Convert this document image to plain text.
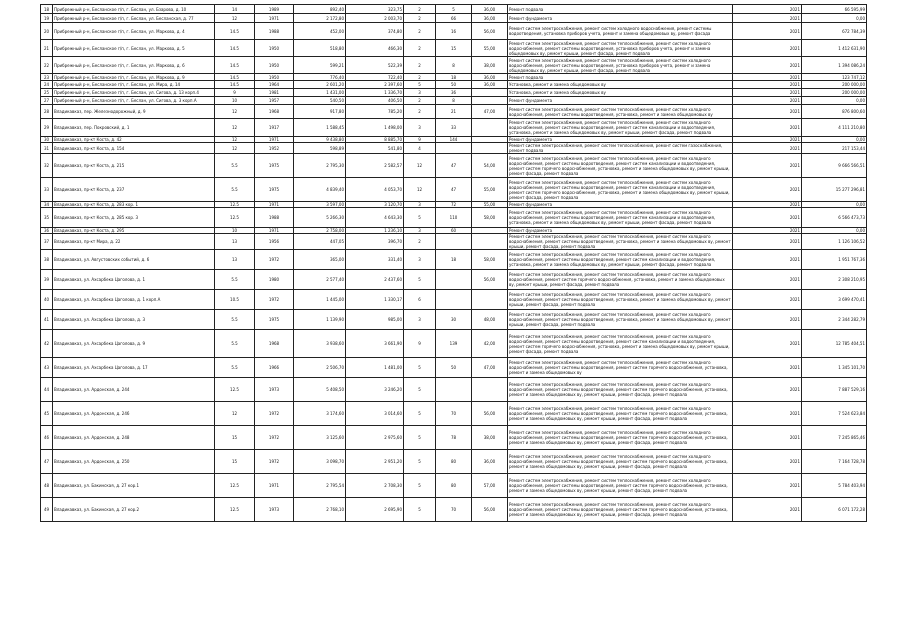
18	Прибрежный р-н, Бесланское г/п, г. Беслан, ул. Бзарова, д. 10	14	1989	892,40	323,75	2	5	36,00	Ремонт подвала	2021	66 595,99
19	Прибрежный р-н, Бесланское г/п, г. Беслан, ул. Бесланская, д. 77	12	1971	2 172,80	2 003,70	2	66	36,00	Ремонт фундамента	2021	0,00
20	Прибрежный р-н, Бесланское г/п, г. Беслан, ул. Маркова, д. 4	14.5	1988	452,00	374,80	2	16	56,00	Ремонт систем электроснабжения, ремонт систем холодного водоснабжения, ремонт системы водоотведения, установка приборов учета, ремонт и замена общедомовых ву, ремонт фасада	2021	672 784,39
21	Прибрежный р-н, Бесланское г/п, г. Беслан, ул. Маркова, д. 5	14.5	1950	518,80	466,30	2	15	55,00	Ремонт систем электроснабжения, ремонт систем теплоснабжения, ремонт систем холодного водоснабжения, ремонт системы водоотведения, установка приборов учета, ремонт и замена общедомовых ву, ремонт крыши, ремонт фасада, ремонт подвала	2021	1 412 631,90
22	Прибрежный р-н, Бесланское г/п, г. Беслан, ул. Маркова, д. 6	14.5	1950	599,21	522,39	2	8	38,00	Ремонт систем электроснабжения, ремонт систем теплоснабжения, ремонт систем холодного водоснабжения, ремонт системы водоотведения, установка приборов учета, ремонт и замена общедомовых ву, ремонт крыши, ремонт фасада, ремонт подвала	2021	1 394 086,24
23	Прибрежный р-н, Бесланское г/п, г. Беслан, ул. Маркова, д. 9	14.5	1950	776,40	722,40	2	18	36,00	Ремонт подвала	2021	123 747,12
24	Прибрежный р-н, Бесланское г/п, г. Беслан, ул. Мира, д. 14	14.5	1964	2 601,20	2 397,60	5	50	36,00	Установка, ремонт и замена общедомовых ву	2021	200 000,00
25	Прибрежный р-н, Бесланское г/п, г. Беслан, ул. Сигова, д. 13 корп.4	9	1981	1 431,00	1 336,70	3	36		Установка, ремонт и замена общедомовых ву	2021	200 000,00
27	Прибрежный р-н, Бесланское г/п, г. Беслан, ул. Сигова, д. 3 корп.А	10	1957	540,50	406,50	2	8		Ремонт фундамента	2021	0,00
28	Владикавказ, пер. Железнодорожный, д. 9	12	1968	917,80	785,20	2	21	47,00	Ремонт систем электроснабжения, ремонт систем теплоснабжения, ремонт систем холодного водоснабжения, ремонт системы водоотведения, установка, ремонт и замена общедомовых ву	2021	876 800,60
29	Владикавказ, пер. Покровский, д. 1	12	1917	1 588,45	1 498,00	3	33		Ремонт систем электроснабжения, ремонт систем теплоснабжения, ремонт систем холодного водоснабжения, ремонт системы водоотведения, ремонт систем канализации и водоотведения, установка, ремонт и замена общедомовых ву, ремонт крыши, ремонт фасада, ремонт подвала	2021	4 111 210,80
30	Владикавказ, пр-кт Коста, д. 42	12	1971	9 438,80	8 885,70	9	144		Ремонт фундамента	2021	0,00
31	Владикавказ, пр-кт Коста, д. 154	12	1952	598,89	541,80	4			Ремонт систем электроснабжения, ремонт систем теплоснабжения, ремонт систем газоснабжения, ремонт подвала	2021	217 153,44
32	Владикавказ, пр-кт Коста, д. 215	5.5	1975	2 795,30	2 582,57	12	47	54,00	Ремонт систем электроснабжения, ремонт систем теплоснабжения, ремонт систем холодного водоснабжения, ремонт системы водоотведения, ремонт систем канализации и водоотведения, ремонт систем горячего водоснабжения, установка, ремонт и замена общедомовых ву, ремонт крыши, ремонт фасада, ремонт подвала	2021	9 666 566,51
33	Владикавказ, пр-кт Коста, д. 237	5.5	1975	4 839,40	4 053,70	12	47	55,00	Ремонт систем электроснабжения, ремонт систем теплоснабжения, ремонт систем холодного водоснабжения, ремонт системы водоотведения, ремонт систем канализации и водоотведения, ремонт систем горячего водоснабжения, установка, ремонт и замена общедомовых ву, ремонт крыши, ремонт фасада, ремонт подвала	2021	15 277 296,81
34	Владикавказ, пр-кт Коста, д. 283 кор. 1	12.5	1971	3 597,00	3 120,70	3	72	55,00	Ремонт фундамента	2021	0,00
35	Владикавказ, пр-кт Коста, д. 285 кор. 3	12.5	1988	5 266,30	4 643,30	5	110	58,00	Ремонт систем электроснабжения, ремонт систем теплоснабжения, ремонт систем холодного водоснабжения, ремонт системы водоотведения, ремонт систем канализации и водоотведения, установка, ремонт и замена общедомовых ву, ремонт крыши, ремонт фасада, ремонт подвала	2021	6 566 473,73
36	Владикавказ, пр-кт Коста, д. 295	10	1971	2 758,00	1 236,10	3	60		Ремонт фундамента	2021	0,00
37	Владикавказ, пр-кт Мира, д. 22	13	1956	447,05	396,70	2			Ремонт систем электроснабжения, ремонт систем теплоснабжения, ремонт систем холодного водоснабжения, ремонт системы водоотведения, установка, ремонт и замена общедомовых ву, ремонт крыши, ремонт фасада, ремонт подвала	2021	1 126 106,52
38	Владикавказ, ул. Августовских событий, д. 6	13	1972	365,00	331,40	3	18	58,00	Ремонт систем электроснабжения, ремонт систем теплоснабжения, ремонт систем холодного водоснабжения, ремонт системы водоотведения, ремонт систем канализации и водоотведения, установка, ремонт и замена общедомовых ву, ремонт крыши, ремонт фасада, ремонт подвала	2021	1 951 767,36
39	Владикавказ, ул. Ахсарбека Цаголова, д. 1	5.5	1980	2 577,40	2 437,60	5		56,00	Ремонт систем электроснабжения, ремонт систем теплоснабжения, ремонт систем холодного водоснабжения, ремонт систем горячего водоснабжения, установка, ремонт и замена общедомовых ву, ремонт крыши, ремонт фасада, ремонт подвала	2021	2 308 210,95
40	Владикавказ, ул. Ахсарбека Цаголова, д. 1 корп.А	10.5	1972	1 445,00	1 330,17	6			Ремонт систем электроснабжения, ремонт систем теплоснабжения, ремонт систем холодного водоснабжения, ремонт системы водоотведения, установка, ремонт и замена общедомовых ву, ремонт крыши, ремонт фасада, ремонт подвала	2021	3 699 470,41
41	Владикавказ, ул. Ахсарбека Цаголова, д. 3	5.5	1975	1 139,90	985,00	3	30	48,00	Ремонт систем электроснабжения, ремонт систем теплоснабжения, ремонт систем холодного водоснабжения, ремонт системы водоотведения, установка, ремонт и замена общедомовых ву, ремонт крыши, ремонт фасада, ремонт подвала	2021	2 344 282,79
42	Владикавказ, ул. Ахсарбека Цаголова, д. 9	5.5	1968	3 938,60	3 661,90	9	139	42,00	Ремонт систем электроснабжения, ремонт систем теплоснабжения, ремонт систем холодного водоснабжения, ремонт системы водоотведения, ремонт систем канализации и водоотведения, ремонт систем горячего водоснабжения, установка, ремонт и замена общедомовых ву, ремонт крыши, ремонт фасада, ремонт подвала	2021	12 785 404,51
43	Владикавказ, ул. Ахсарбека Цаголова, д. 17	5.5	1966	2 506,70	1 481,00	5	50	47,00	Ремонт систем электроснабжения, ремонт систем теплоснабжения, ремонт систем холодного водоснабжения, ремонт системы водоотведения, ремонт систем горячего водоснабжения, установка, ремонт и замена общедомовых ву	2021	1 345 101,70
44	Владикавказ, ул. Ардонская, д. 244	12.5	1973	5 408,50	3 246,20	5			Ремонт систем электроснабжения, ремонт систем теплоснабжения, ремонт систем холодного водоснабжения, ремонт системы водоотведения, ремонт систем горячего водоснабжения, установка, ремонт и замена общедомовых ву, ремонт крыши, ремонт фасада, ремонт подвала	2021	7 887 529,16
45	Владикавказ, ул. Ардонская, д. 246	12	1972	3 174,60	3 014,60	5	70	56,00	Ремонт систем электроснабжения, ремонт систем теплоснабжения, ремонт систем холодного водоснабжения, ремонт системы водоотведения, ремонт систем горячего водоснабжения, установка, ремонт и замена общедомовых ву, ремонт крыши, ремонт фасада, ремонт подвала	2021	7 524 623,84
46	Владикавказ, ул. Ардонская, д. 248	15	1972	3 125,60	2 975,60	5	78	38,00	Ремонт систем электроснабжения, ремонт систем теплоснабжения, ремонт систем холодного водоснабжения, ремонт системы водоотведения, ремонт систем горячего водоснабжения, установка, ремонт и замена общедомовых ву, ремонт крыши, ремонт фасада, ремонт подвала	2021	7 245 865,46
47	Владикавказ, ул. Ардонская, д. 250	15	1972	3 098,70	2 951,20	5	80	36,00	Ремонт систем электроснабжения, ремонт систем теплоснабжения, ремонт систем холодного водоснабжения, ремонт системы водоотведения, ремонт систем горячего водоснабжения, установка, ремонт и замена общедомовых ву, ремонт крыши, ремонт фасада, ремонт подвала	2021	7 164 728,78
48	Владикавказ, ул. Бакинская, д. 27 кор.1	12.5	1971	2 795,54	2 708,30	5	80	57,00	Ремонт систем электроснабжения, ремонт систем теплоснабжения, ремонт систем холодного водоснабжения, ремонт системы водоотведения, ремонт систем горячего водоснабжения, установка, ремонт и замена общедомовых ву, ремонт крыши, ремонт фасада, ремонт подвала	2021	5 784 403,94
49	Владикавказ, ул. Бакинская, д. 27 кор.2	12.5	1973	2 768,10	2 695,90	5	70	56,00	Ремонт систем электроснабжения, ремонт систем теплоснабжения, ремонт систем холодного водоснабжения, ремонт системы водоотведения, ремонт систем горячего водоснабжения, установка, ремонт и замена общедомовых ву, ремонт крыши, ремонт фасада, ремонт подвала	2021	6 071 172,28
